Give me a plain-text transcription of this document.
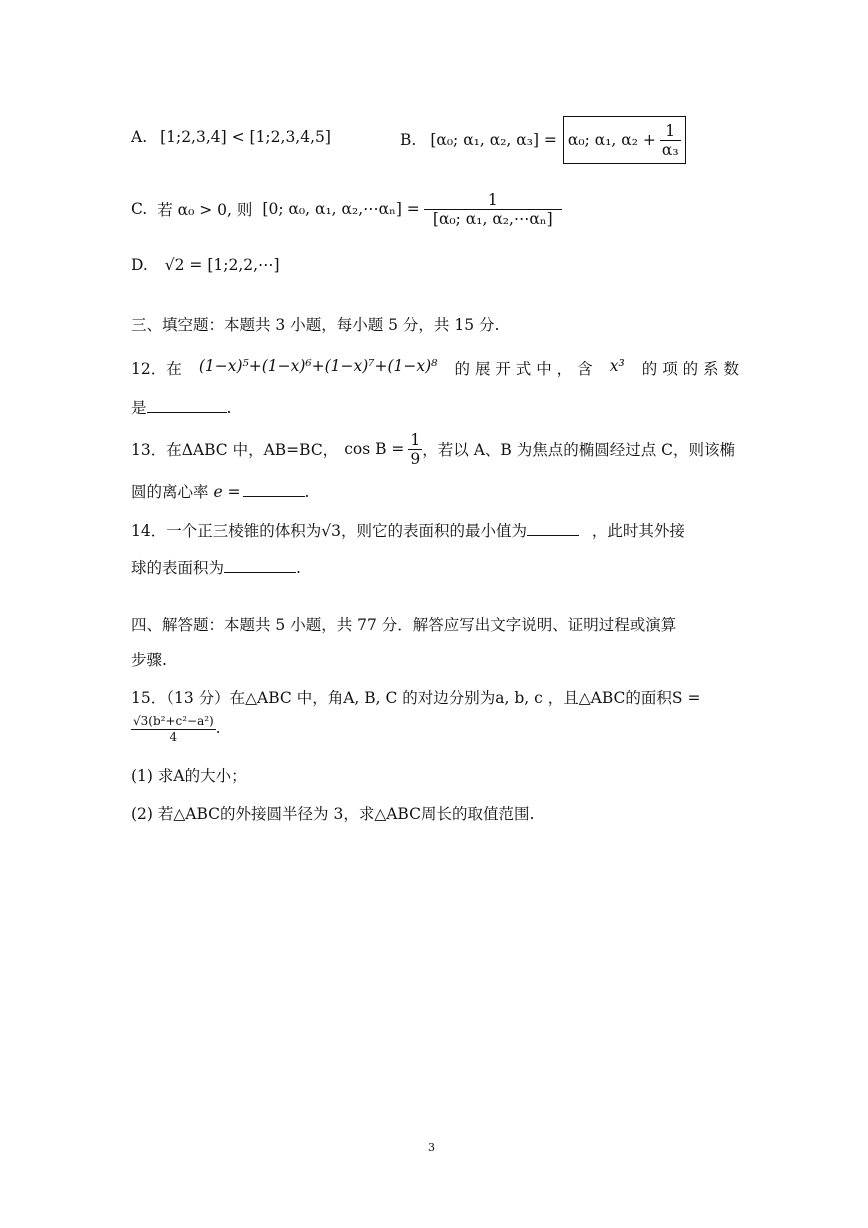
A. [1;2,3,4] < [1;2,3,4,5]	B. [α₀; α₁, α₂, α₃] = α₀; α₁, $\alpha_2 + \frac{1}{\text{α₃}}$
C. 若 α₀ > 0, 则 [0; α₀, α₁, α₂,⋯αₙ] = $\frac{1}{\text{[α₀; α₁, α₂,⋯αₙ]}}$
D. √2 = [1;2,2,⋯]
三、填空题：本题共 3 小题，每小题 5 分，共 15 分.
12．在 (1−x)⁵+(1−x)⁶+(1−x)⁷+(1−x)⁸ 的 展 开 式 中 ， 含 x³ 的 项 的 系 数
是	.
13．在ΔABC 中，AB=BC， $\cos B = \frac{1}{9}$ ，若以 A、B 为焦点的椭圆经过点 C，则该椭
圆的离心率 e =	.
14．一个正三棱锥的体积为√3，则它的表面积的最小值为	，此时其外接
球的表面积为	.
四、解答题：本题共 5 小题，共 77 分．解答应写出文字说明、证明过程或演算
步骤.
15．（13 分）在△ABC 中，角A, B, C 的对边分别为a, b, c ，且△ABC的面积S =
$\frac{\text{√3(b²+c²−a²)}}{4}$ .
(1) 求A的大小；
(2) 若△ABC的外接圆半径为 3，求△ABC周长的取值范围.
3
